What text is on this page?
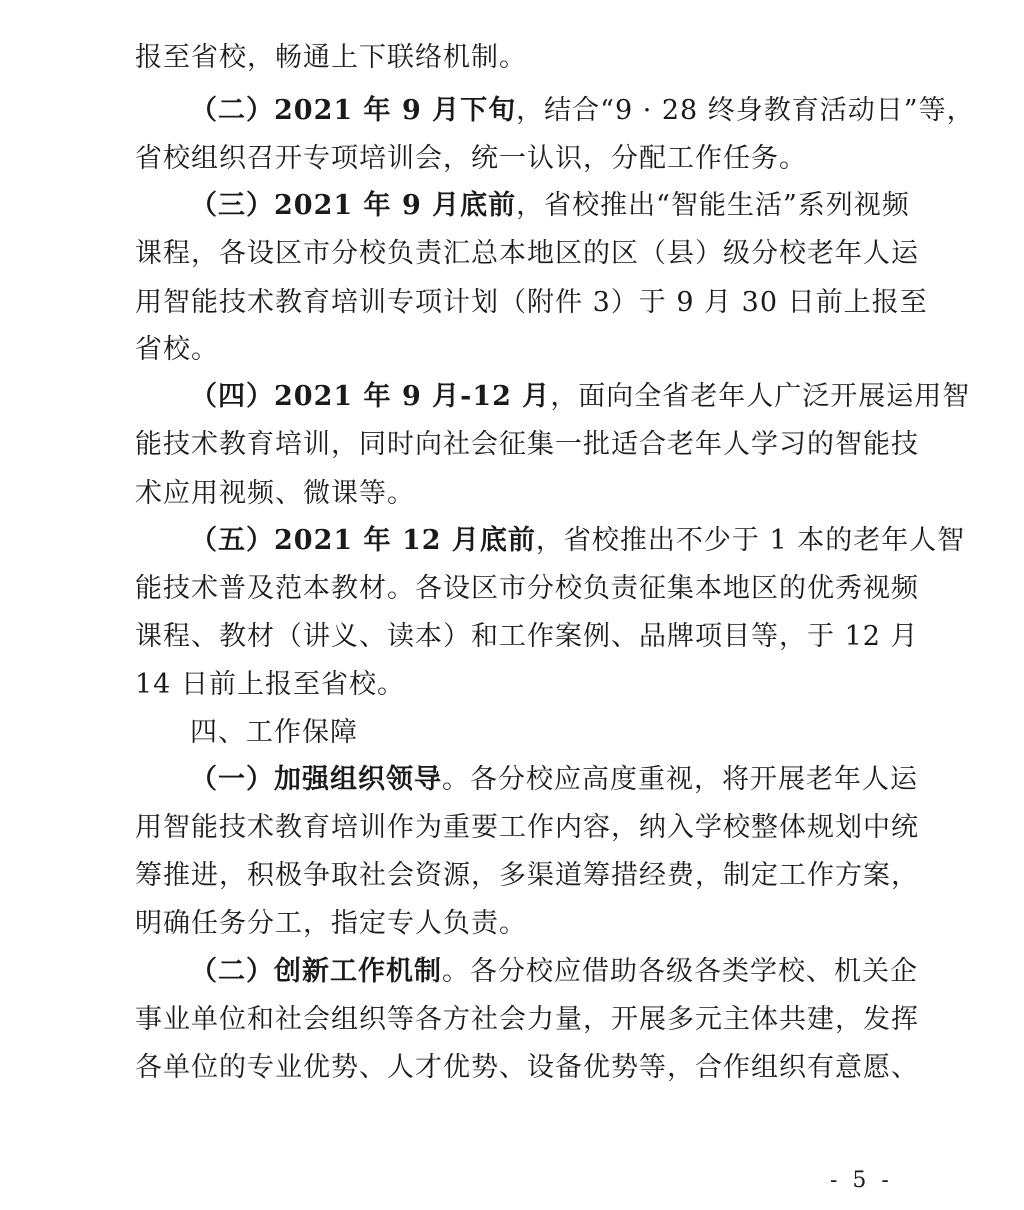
报至省校，畅通上下联络机制。
（二）2021 年 9 月下旬，结合“9 · 28 终身教育活动日”等，
省校组织召开专项培训会，统一认识，分配工作任务。
（三）2021 年 9 月底前，省校推出“智能生活”系列视频
课程，各设区市分校负责汇总本地区的区（县）级分校老年人运
用智能技术教育培训专项计划（附件 3）于 9 月 30 日前上报至
省校。
（四）2021 年 9 月-12 月，面向全省老年人广泛开展运用智
能技术教育培训，同时向社会征集一批适合老年人学习的智能技
术应用视频、微课等。
（五）2021 年 12 月底前，省校推出不少于 1 本的老年人智
能技术普及范本教材。各设区市分校负责征集本地区的优秀视频
课程、教材（讲义、读本）和工作案例、品牌项目等，于 12 月
14 日前上报至省校。
四、工作保障
（一）加强组织领导。各分校应高度重视，将开展老年人运
用智能技术教育培训作为重要工作内容，纳入学校整体规划中统
筹推进，积极争取社会资源，多渠道筹措经费，制定工作方案，
明确任务分工，指定专人负责。
（二）创新工作机制。各分校应借助各级各类学校、机关企
事业单位和社会组织等各方社会力量，开展多元主体共建，发挥
各单位的专业优势、人才优势、设备优势等，合作组织有意愿、
- 5 -
